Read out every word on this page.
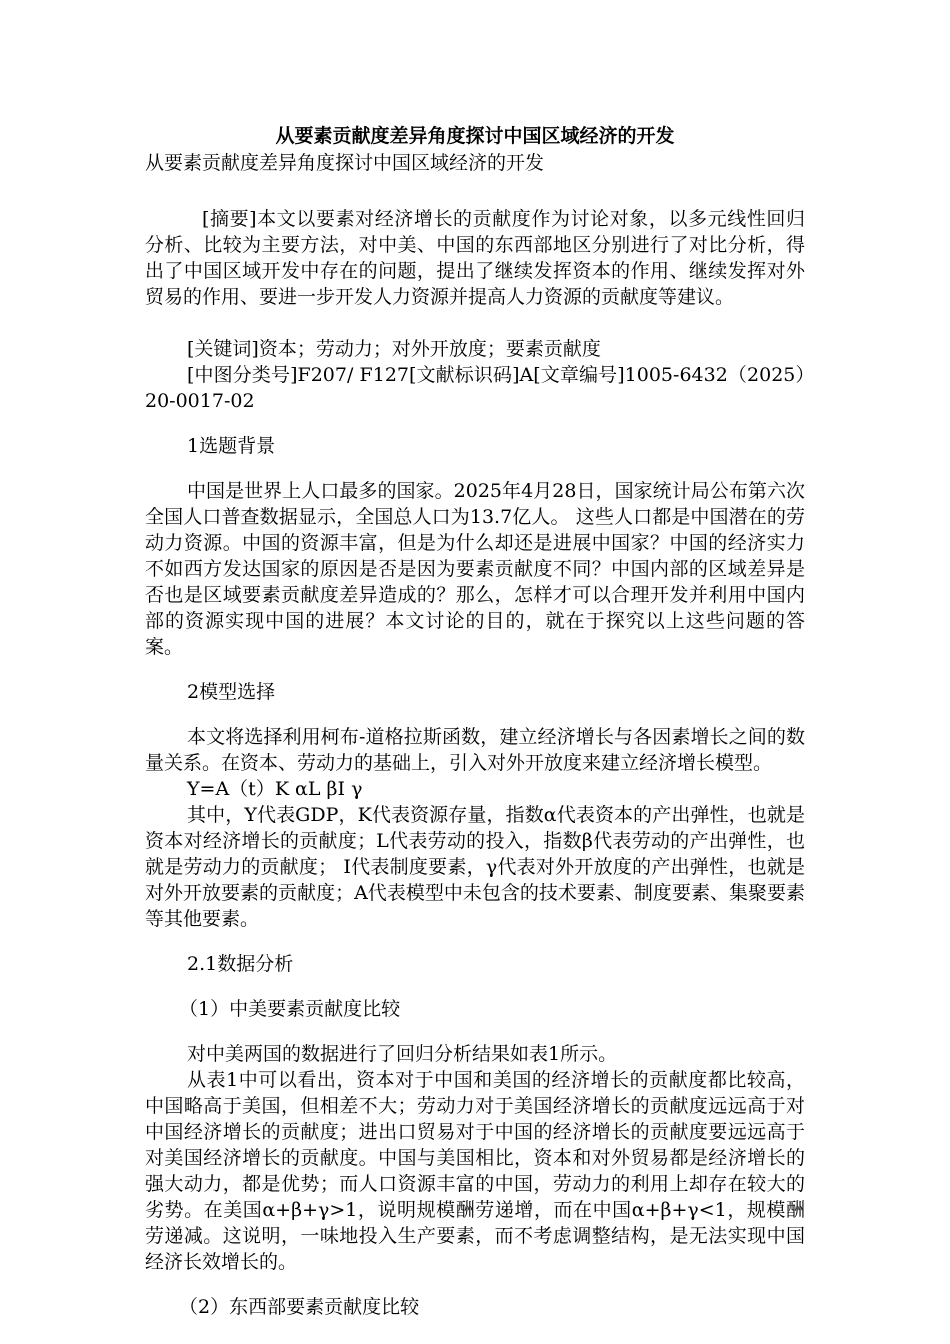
从要素贡献度差异角度探讨中国区域经济的开发

从要素贡献度差异角度探讨中国区域经济的开发

[摘要]本文以要素对经济增长的贡献度作为讨论对象，以多元线性回归分析、比较为主要方法，对中美、中国的东西部地区分别进行了对比分析，得出了中国区域开发中存在的问题，提出了继续发挥资本的作用、继续发挥对外贸易的作用、要进一步开发人力资源并提高人力资源的贡献度等建议。

[关键词]资本；劳动力；对外开放度；要素贡献度

[中图分类号]F207/ F127[文献标识码]A[文章编号]1005-6432（2025）20-0017-02

1选题背景

中国是世界上人口最多的国家。2025年4月28日，国家统计局公布第六次全国人口普查数据显示，全国总人口为13.7亿人。 这些人口都是中国潜在的劳动力资源。中国的资源丰富，但是为什么却还是进展中国家？中国的经济实力不如西方发达国家的原因是否是因为要素贡献度不同？中国内部的区域差异是否也是区域要素贡献度差异造成的？那么，怎样才可以合理开发并利用中国内部的资源实现中国的进展？本文讨论的目的，就在于探究以上这些问题的答案。

2模型选择

本文将选择利用柯布-道格拉斯函数，建立经济增长与各因素增长之间的数量关系。在资本、劳动力的基础上，引入对外开放度来建立经济增长模型。

Y=A（t）K αL βI γ

其中，Y代表GDP，K代表资源存量，指数α代表资本的产出弹性，也就是资本对经济增长的贡献度；L代表劳动的投入，指数β代表劳动的产出弹性，也就是劳动力的贡献度； I代表制度要素，γ代表对外开放度的产出弹性，也就是对外开放要素的贡献度；A代表模型中未包含的技术要素、制度要素、集聚要素等其他要素。

2.1数据分析

（1）中美要素贡献度比较

对中美两国的数据进行了回归分析结果如表1所示。

从表1中可以看出，资本对于中国和美国的经济增长的贡献度都比较高，中国略高于美国，但相差不大；劳动力对于美国经济增长的贡献度远远高于对中国经济增长的贡献度；进出口贸易对于中国的经济增长的贡献度要远远高于对美国经济增长的贡献度。中国与美国相比，资本和对外贸易都是经济增长的强大动力，都是优势；而人口资源丰富的中国，劳动力的利用上却存在较大的劣势。在美国α+β+γ>1，说明规模酬劳递增，而在中国α+β+γ<1，规模酬劳递减。这说明，一味地投入生产要素，而不考虑调整结构，是无法实现中国经济长效增长的。

（2）东西部要素贡献度比较
